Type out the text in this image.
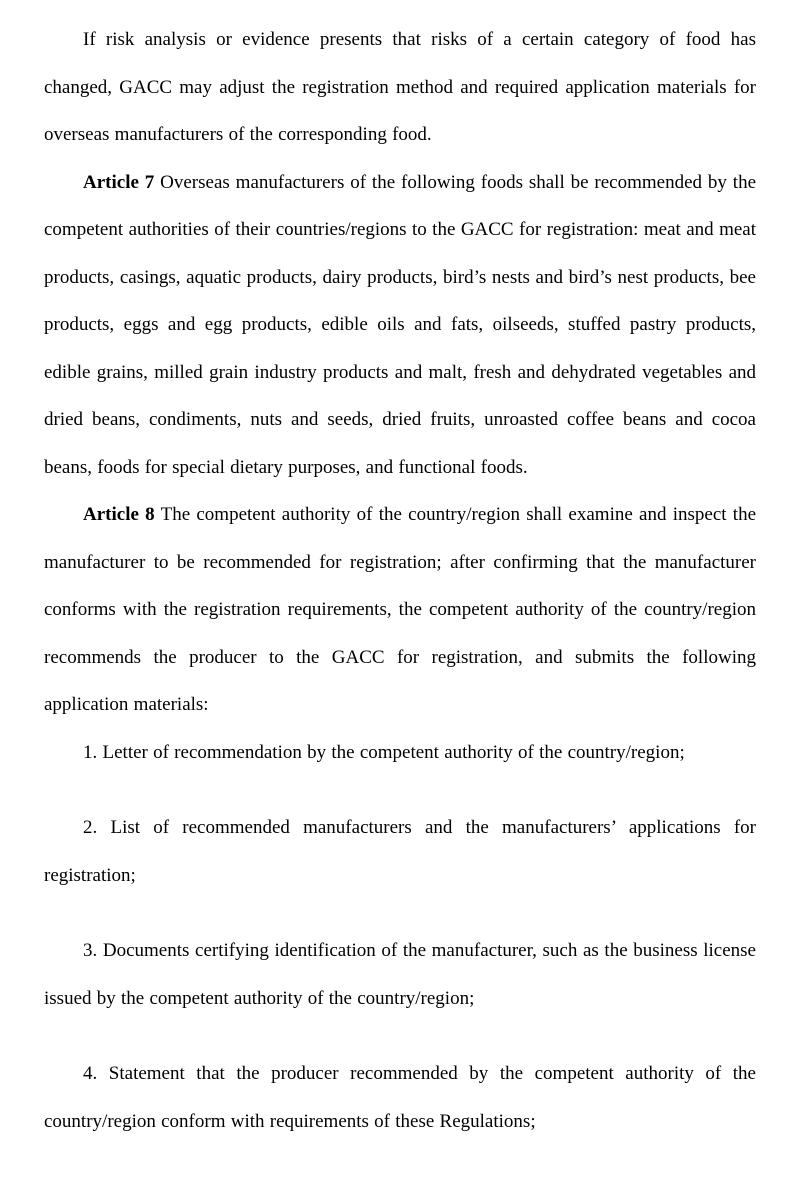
If risk analysis or evidence presents that risks of a certain category of food has changed, GACC may adjust the registration method and required application materials for overseas manufacturers of the corresponding food.

Article 7 Overseas manufacturers of the following foods shall be recommended by the competent authorities of their countries/regions to the GACC for registration: meat and meat products, casings, aquatic products, dairy products, bird’s nests and bird’s nest products, bee products, eggs and egg products, edible oils and fats, oilseeds, stuffed pastry products, edible grains, milled grain industry products and malt, fresh and dehydrated vegetables and dried beans, condiments, nuts and seeds, dried fruits, unroasted coffee beans and cocoa beans, foods for special dietary purposes, and functional foods.

Article 8 The competent authority of the country/region shall examine and inspect the manufacturer to be recommended for registration; after confirming that the manufacturer conforms with the registration requirements, the competent authority of the country/region recommends the producer to the GACC for registration, and submits the following application materials:

1. Letter of recommendation by the competent authority of the country/region;

2. List of recommended manufacturers and the manufacturers’ applications for registration;

3. Documents certifying identification of the manufacturer, such as the business license issued by the competent authority of the country/region;

4. Statement that the producer recommended by the competent authority of the country/region conform with requirements of these Regulations;
